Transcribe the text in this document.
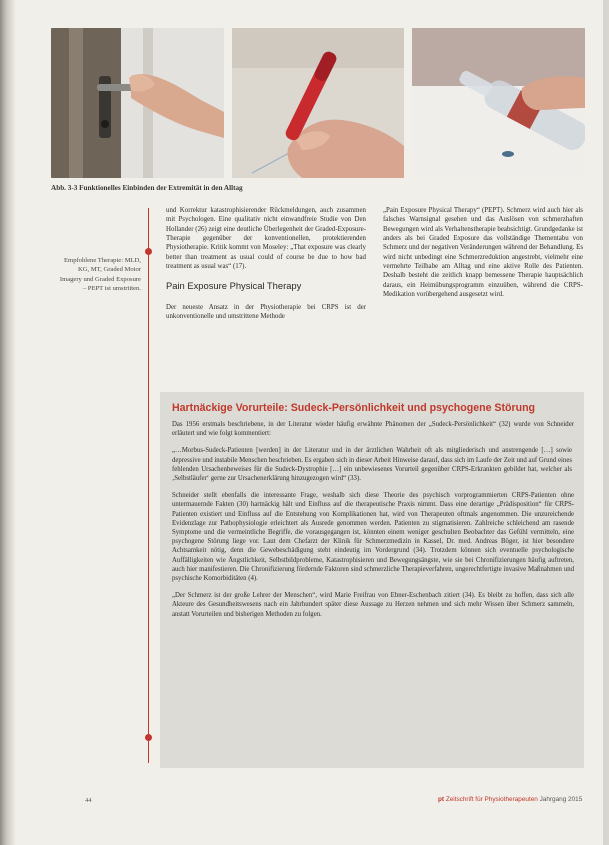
Abb. 3-3 Funktionelles Einbinden der Extremität in den Alltag
Empfohlene Therapie: MLD, KG, MT, Graded Motor Imagery und Graded Exposure – PEPT ist umstritten.

und Korrektur katastrophisierender Rückmeldungen, auch zusammen mit Psychologen. Eine qualitativ nicht einwandfreie Studie von Den Hollander (26) zeigt eine deutliche Überlegenheit der Graded-Exposure-Therapie gegenüber der konventionellen, protektierenden Physiotherapie. Kritik kommt von Moseley: „That exposure was clearly better than treatment as usual could of course be due to how bad treatment as usual was“ (17).

Pain Exposure Physical Therapy

Der neueste Ansatz in der Physiotherapie bei CRPS ist der unkonventionelle und umstrittene Methode

„Pain Exposure Physical Therapy“ (PEPT). Schmerz wird auch hier als falsches Warnsignal gesehen und das Auslösen von schmerzhaften Bewegungen wird als Verhaltenstherapie beabsichtigt. Grundgedanke ist anders als bei Graded Exposure das vollständige Thementabu von Schmerz und der negativen Veränderungen während der Behandlung. Es wird nicht unbedingt eine Schmerzreduktion angestrebt, vielmehr eine vermehrte Teilhabe am Alltag und eine aktive Rolle des Patienten. Deshalb besteht die zeitlich knapp bemessene Therapie hauptsächlich daraus, ein Heimübungsprogramm einzuüben, während die CRPS-Medikation vorübergehend ausgesetzt wird.

Hartnäckige Vorurteile: Sudeck-Persönlichkeit und psychogene Störung

Das 1956 erstmals beschriebene, in der Literatur wieder häufig erwähnte Phänomen der „Sudeck-Persönlichkeit“ (32) wurde von Schneider erläutert und wie folgt kommentiert:

„…Morbus-Sudeck-Patienten [werden] in der Literatur und in der ärztlichen Wahrheit oft als mitgliederisch und anstrengende […] sowie depressive und instabile Menschen beschrieben. Es ergaben sich in dieser Arbeit Hinweise darauf, dass sich im Laufe der Zeit und auf Grund eines fehlenden Ursachenbeweises für die Sudeck-Dystrophie […] ein unbewiesenes Vorurteil gegenüber CRPS-Erkrankten gebildet hat, welcher als ‚Selbstläufer‘ gerne zur Ursachenerklärung hinzugezogen wird“ (33).

Schneider stellt ebenfalls die interessante Frage, weshalb sich diese Theorie des psychisch vorprogrammierten CRPS-Patienten ohne untermauernde Fakten (30) hartnäckig hält und Einfluss auf die therapeutische Praxis nimmt. Dass eine derartige „Prädisposition“ für CRPS-Patienten existiert und Einfluss auf die Entstehung von Komplikationen hat, wird von Therapeuten oftmals angenommen. Die unzureichende Evidenzlage zur Pathophysiologie erleichtert als Ausrede genommen werden. Patienten zu stigmatisieren. Zahlreiche schleichend am rasende Symptome und die vermeintliche Begriffe, die vorausgegangen ist, könnten einem weniger geschulten Beobachter das Gefühl vermitteln, eine psychogene Störung liege vor. Laut dem Chefarzt der Klinik für Schmerzmedizin in Kassel, Dr. med. Andreas Böger, ist hier besondere Achtsamkeit nötig, denn die Gewebeschädigung steht eindeutig im Vordergrund (34). Trotzdem können sich eventuelle psychologische Auffälligkeiten wie Ängstlichkeit, Selbstbildprobleme, Katastrophisieren und Bewegungsängste, wie sie bei Chronifizierungen häufig auftreten, auch hier manifestieren. Die Chronifizierung fördernde Faktoren sind schmerzliche Therapieverfahren, ungerechtfertigte invasive Maßnahmen und psychische Komorbiditäten (4).

„Der Schmerz ist der große Lehrer der Menschen“, wird Marie Freifrau von Ebner-Eschenbach zitiert (34). Es bleibt zu hoffen, dass sich alle Akteure des Gesundheitswesens nach ein Jahrhundert später diese Aussage zu Herzen nehmen und sich mehr Wissen über Schmerz sammeln, anstatt Vorurteilen und bisherigen Methoden zu folgen.

44	pt Zeitschrift für Physiotherapeuten Jahrgang 2015
